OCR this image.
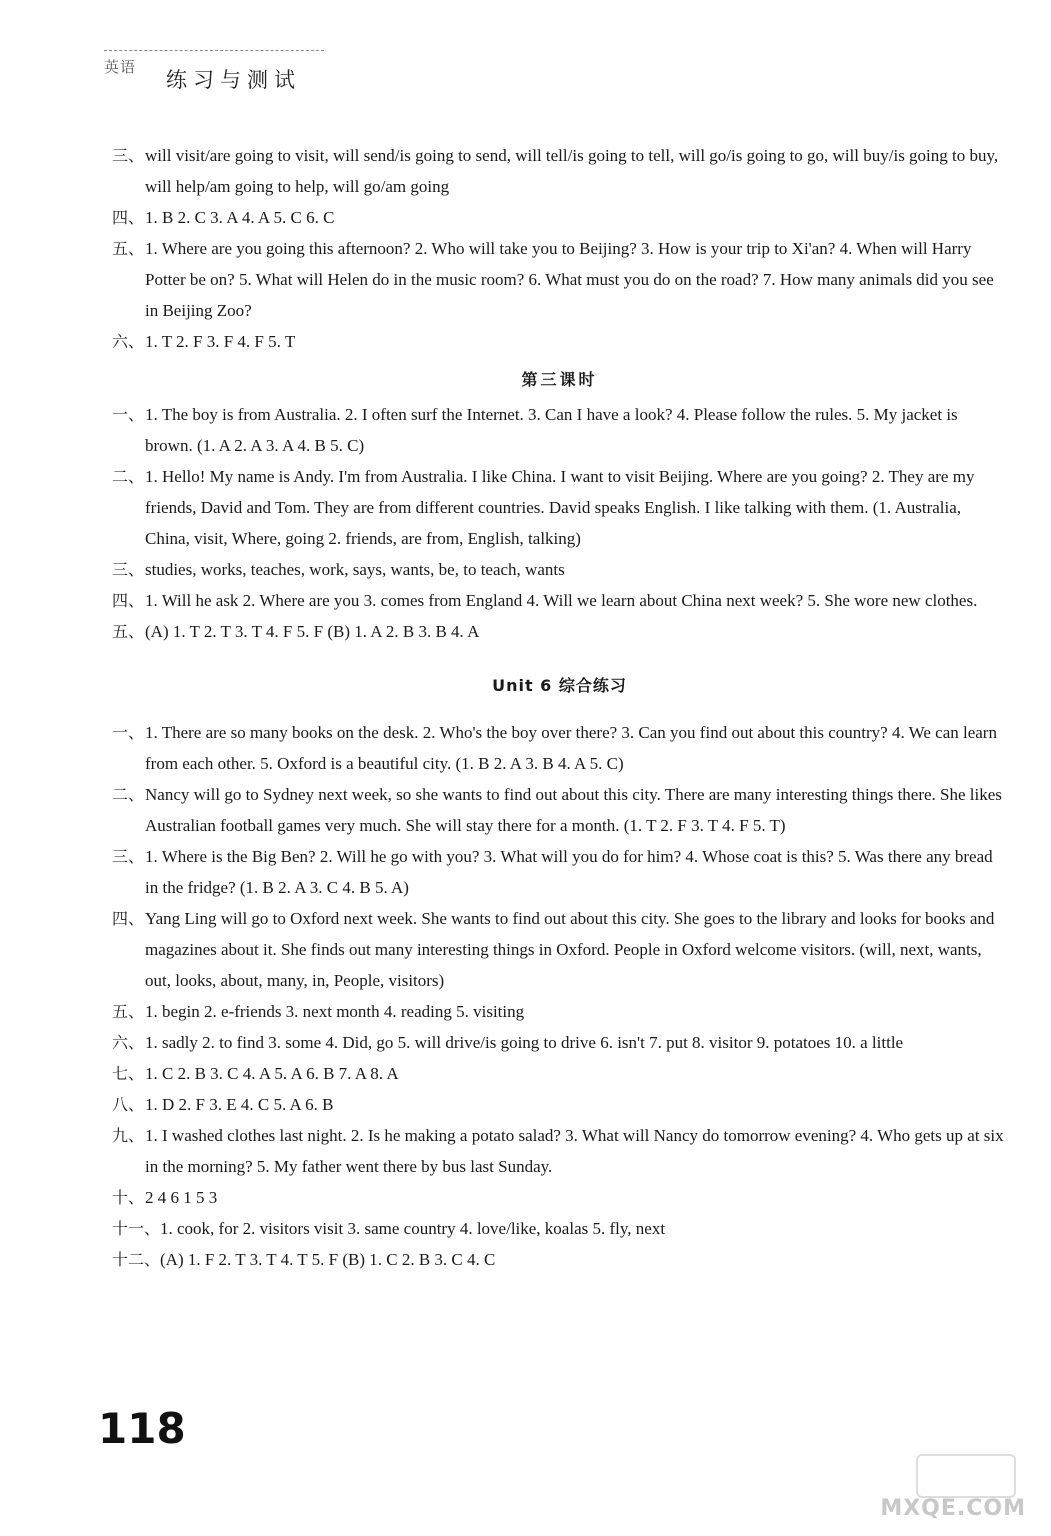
英语
练习与测试
三、will visit/are going to visit, will send/is going to send, will tell/is going to tell, will go/is going to go, will buy/is going to buy, will help/am going to help, will go/am going
四、1. B 2. C 3. A 4. A 5. C 6. C
五、1. Where are you going this afternoon? 2. Who will take you to Beijing? 3. How is your trip to Xi'an? 4. When will Harry Potter be on? 5. What will Helen do in the music room? 6. What must you do on the road? 7. How many animals did you see in Beijing Zoo?
六、1. T 2. F 3. F 4. F 5. T
第三课时
一、1. The boy is from Australia. 2. I often surf the Internet. 3. Can I have a look? 4. Please follow the rules. 5. My jacket is brown. (1. A 2. A 3. A 4. B 5. C)
二、1. Hello! My name is Andy. I'm from Australia. I like China. I want to visit Beijing. Where are you going? 2. They are my friends, David and Tom. They are from different countries. David speaks English. I like talking with them. (1. Australia, China, visit, Where, going 2. friends, are from, English, talking)
三、studies, works, teaches, work, says, wants, be, to teach, wants
四、1. Will he ask 2. Where are you 3. comes from England 4. Will we learn about China next week? 5. She wore new clothes.
五、(A) 1. T 2. T 3. T 4. F 5. F (B) 1. A 2. B 3. B 4. A
Unit 6 综合练习
一、1. There are so many books on the desk. 2. Who's the boy over there? 3. Can you find out about this country? 4. We can learn from each other. 5. Oxford is a beautiful city. (1. B 2. A 3. B 4. A 5. C)
二、Nancy will go to Sydney next week, so she wants to find out about this city. There are many interesting things there. She likes Australian football games very much. She will stay there for a month. (1. T 2. F 3. T 4. F 5. T)
三、1. Where is the Big Ben? 2. Will he go with you? 3. What will you do for him? 4. Whose coat is this? 5. Was there any bread in the fridge? (1. B 2. A 3. C 4. B 5. A)
四、Yang Ling will go to Oxford next week. She wants to find out about this city. She goes to the library and looks for books and magazines about it. She finds out many interesting things in Oxford. People in Oxford welcome visitors. (will, next, wants, out, looks, about, many, in, People, visitors)
五、1. begin 2. e-friends 3. next month 4. reading 5. visiting
六、1. sadly 2. to find 3. some 4. Did, go 5. will drive/is going to drive 6. isn't 7. put 8. visitor 9. potatoes 10. a little
七、1. C 2. B 3. C 4. A 5. A 6. B 7. A 8. A
八、1. D 2. F 3. E 4. C 5. A 6. B
九、1. I washed clothes last night. 2. Is he making a potato salad? 3. What will Nancy do tomorrow evening? 4. Who gets up at six in the morning? 5. My father went there by bus last Sunday.
十、2 4 6 1 5 3
十一、1. cook, for 2. visitors visit 3. same country 4. love/like, koalas 5. fly, next
十二、(A) 1. F 2. T 3. T 4. T 5. F (B) 1. C 2. B 3. C 4. C
118
MXQE.COM
